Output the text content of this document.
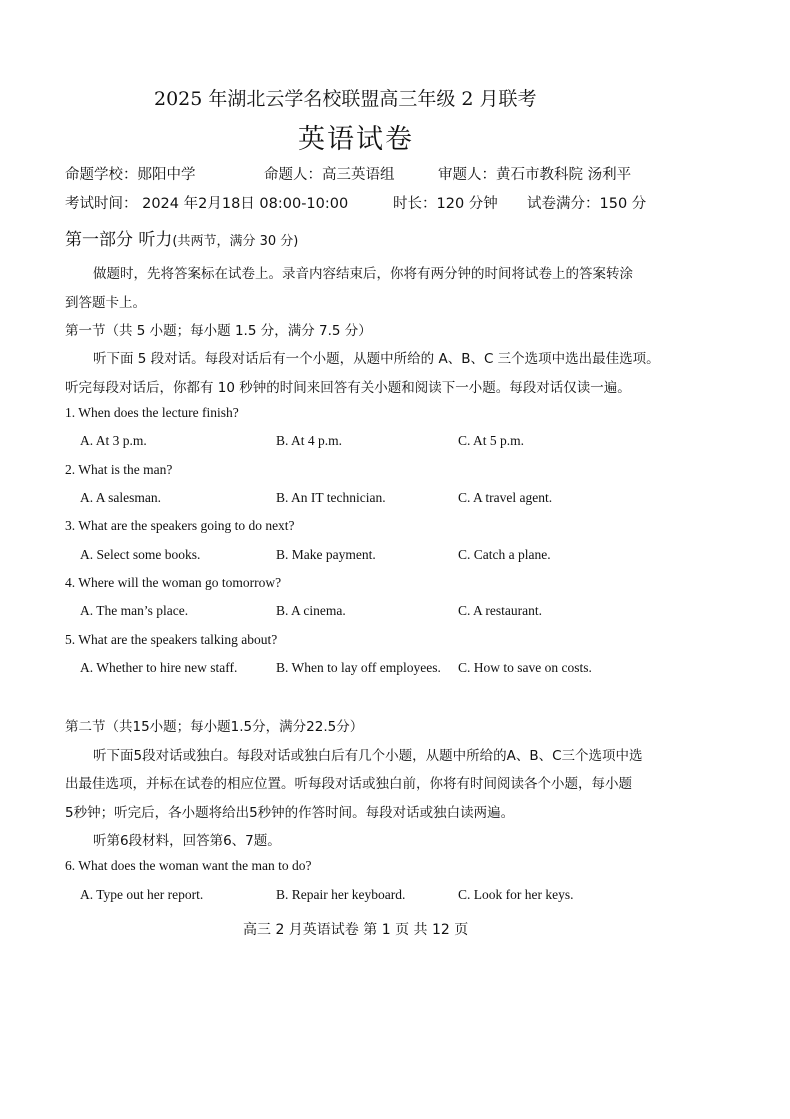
2025 年湖北云学名校联盟高三年级 2 月联考
英语试卷
命题学校：郧阳中学	命题人：高三英语组	审题人：黄石市教科院 汤利平
考试时间： 2024 年2月18日 08:00-10:00	时长：120 分钟 试卷满分：150 分
第一部分 听力(共两节，满分 30 分)
做题时，先将答案标在试卷上。录音内容结束后，你将有两分钟的时间将试卷上的答案转涂
到答题卡上。
第一节（共 5 小题；每小题 1.5 分，满分 7.5 分）
听下面 5 段对话。每段对话后有一个小题，从题中所给的 A、B、C 三个选项中选出最佳选项。
听完每段对话后，你都有 10 秒钟的时间来回答有关小题和阅读下一小题。每段对话仅读一遍。
1. When does the lecture finish?
A. At 3 p.m.	B. At 4 p.m.	C. At 5 p.m.
2. What is the man?
A. A salesman.	B. An IT technician.	C. A travel agent.
3. What are the speakers going to do next?
A. Select some books.	B. Make payment.	C. Catch a plane.
4. Where will the woman go tomorrow?
A. The man’s place.	B. A cinema.	C. A restaurant.
5. What are the speakers talking about?
A. Whether to hire new staff.	B. When to lay off employees. C. How to save on costs.
第二节（共15小题；每小题1.5分，满分22.5分）
听下面5段对话或独白。每段对话或独白后有几个小题，从题中所给的A、B、C三个选项中选
出最佳选项，并标在试卷的相应位置。听每段对话或独白前，你将有时间阅读各个小题，每小题
5秒钟；听完后，各小题将给出5秒钟的作答时间。每段对话或独白读两遍。
听第6段材料，回答第6、7题。
6. What does the woman want the man to do?
A. Type out her report.	B. Repair her keyboard.	C. Look for her keys.
高三 2 月英语试卷 第 1 页 共 12 页
